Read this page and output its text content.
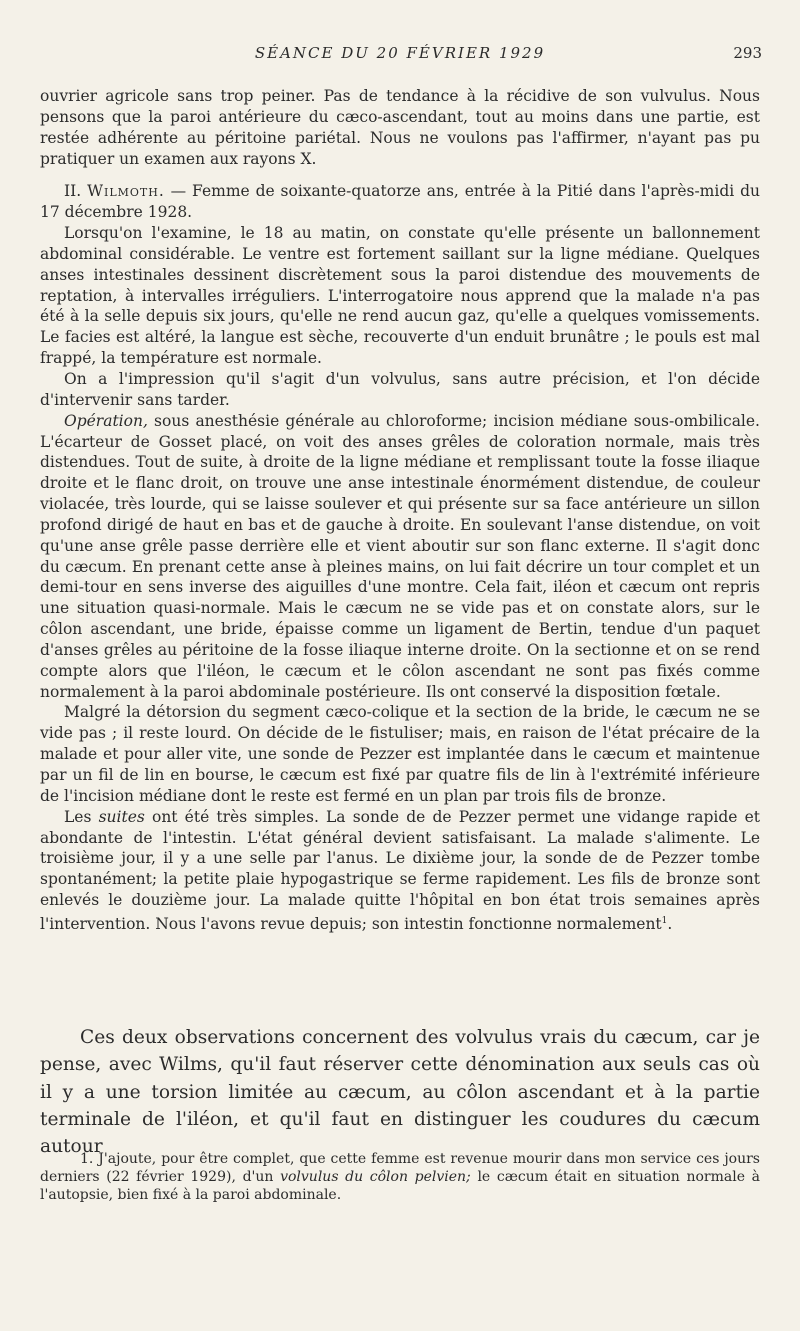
SÉANCE DU 20 FÉVRIER 1929	293

ouvrier agricole sans trop peiner. Pas de tendance à la récidive de son vulvulus. Nous pensons que la paroi antérieure du cæco-ascendant, tout au moins dans une partie, est restée adhérente au péritoine pariétal. Nous ne voulons pas l'affirmer, n'ayant pas pu pratiquer un examen aux rayons X.

II. Wilmoth. — Femme de soixante-quatorze ans, entrée à la Pitié dans l'après-midi du 17 décembre 1928.

Lorsqu'on l'examine, le 18 au matin, on constate qu'elle présente un ballonnement abdominal considérable. Le ventre est fortement saillant sur la ligne médiane. Quelques anses intestinales dessinent discrètement sous la paroi distendue des mouvements de reptation, à intervalles irréguliers. L'interrogatoire nous apprend que la malade n'a pas été à la selle depuis six jours, qu'elle ne rend aucun gaz, qu'elle a quelques vomissements. Le facies est altéré, la langue est sèche, recouverte d'un enduit brunâtre ; le pouls est mal frappé, la température est normale.

On a l'impression qu'il s'agit d'un volvulus, sans autre précision, et l'on décide d'intervenir sans tarder.

Opération, sous anesthésie générale au chloroforme; incision médiane sous-ombilicale. L'écarteur de Gosset placé, on voit des anses grêles de coloration normale, mais très distendues. Tout de suite, à droite de la ligne médiane et remplissant toute la fosse iliaque droite et le flanc droit, on trouve une anse intestinale énormément distendue, de couleur violacée, très lourde, qui se laisse soulever et qui présente sur sa face antérieure un sillon profond dirigé de haut en bas et de gauche à droite. En soulevant l'anse distendue, on voit qu'une anse grêle passe derrière elle et vient aboutir sur son flanc externe. Il s'agit donc du cæcum. En prenant cette anse à pleines mains, on lui fait décrire un tour complet et un demi-tour en sens inverse des aiguilles d'une montre. Cela fait, iléon et cæcum ont repris une situation quasi-normale. Mais le cæcum ne se vide pas et on constate alors, sur le côlon ascendant, une bride, épaisse comme un ligament de Bertin, tendue d'un paquet d'anses grêles au péritoine de la fosse iliaque interne droite. On la sectionne et on se rend compte alors que l'iléon, le cæcum et le côlon ascendant ne sont pas fixés comme normalement à la paroi abdominale postérieure. Ils ont conservé la disposition fœtale.

Malgré la détorsion du segment cæco-colique et la section de la bride, le cæcum ne se vide pas ; il reste lourd. On décide de le fistuliser; mais, en raison de l'état précaire de la malade et pour aller vite, une sonde de Pezzer est implantée dans le cæcum et maintenue par un fil de lin en bourse, le cæcum est fixé par quatre fils de lin à l'extrémité inférieure de l'incision médiane dont le reste est fermé en un plan par trois fils de bronze.

Les suites ont été très simples. La sonde de de Pezzer permet une vidange rapide et abondante de l'intestin. L'état général devient satisfaisant. La malade s'alimente. Le troisième jour, il y a une selle par l'anus. Le dixième jour, la sonde de de Pezzer tombe spontanément; la petite plaie hypogastrique se ferme rapidement. Les fils de bronze sont enlevés le douzième jour. La malade quitte l'hôpital en bon état trois semaines après l'intervention. Nous l'avons revue depuis; son intestin fonctionne normalement$^1$.

Ces deux observations concernent des volvulus vrais du cæcum, car je pense, avec Wilms, qu'il faut réserver cette dénomination aux seuls cas où il y a une torsion limitée au cæcum, au côlon ascendant et à la partie terminale de l'iléon, et qu'il faut en distinguer les coudures du cæcum autour

1. J'ajoute, pour être complet, que cette femme est revenue mourir dans mon service ces jours derniers (22 février 1929), d'un volvulus du côlon pelvien; le cæcum était en situation normale à l'autopsie, bien fixé à la paroi abdominale.
